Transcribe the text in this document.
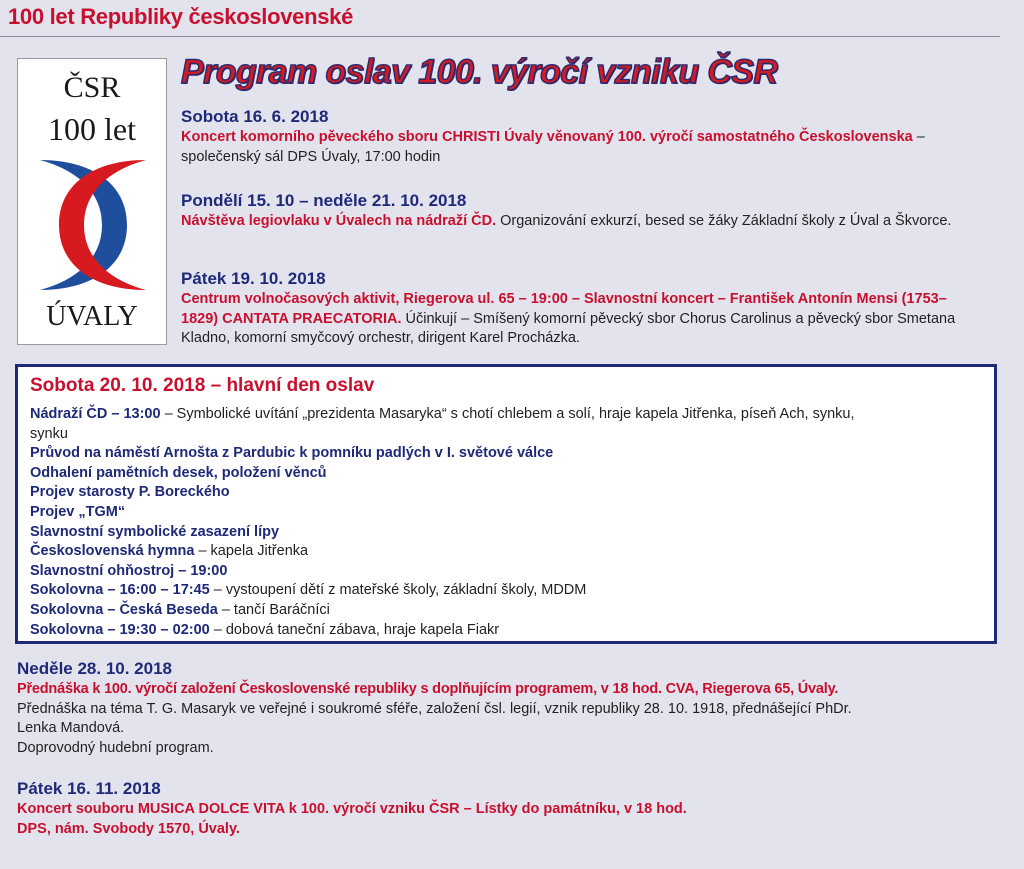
100 let Republiky československé
ČSR
100 let
ÚVALY
Program oslav 100. výročí vzniku ČSR
Sobota 16. 6. 2018
Koncert komorního pěveckého sboru CHRISTI Úvaly věnovaný 100. výročí samostatného Československa – společenský sál DPS Úvaly, 17:00 hodin
Pondělí 15. 10 – neděle 21. 10. 2018
Návštěva legiovlaku v Úvalech na nádraží ČD. Organizování exkurzí, besed se žáky Základní školy z Úval a Škvorce.
Pátek 19. 10. 2018
Centrum volnočasových aktivit, Riegerova ul. 65 – 19:00 – Slavnostní koncert – František Antonín Mensi (1753–1829) CANTATA PRAECATORIA. Účinkují – Smíšený komorní pěvecký sbor Chorus Carolinus a pěvecký sbor Smetana Kladno, komorní smyčcový orchestr, dirigent Karel Procházka.
Sobota 20. 10. 2018 – hlavní den oslav
Nádraží ČD – 13:00 – Symbolické uvítání „prezidenta Masaryka“ s chotí chlebem a solí, hraje kapela Jitřenka, píseň Ach, synku,
synku
Průvod na náměstí Arnošta z Pardubic k pomníku padlých v I. světové válce
Odhalení pamětních desek, položení věnců
Projev starosty P. Boreckého
Projev „TGM“
Slavnostní symbolické zasazení lípy
Československá hymna – kapela Jitřenka
Slavnostní ohňostroj – 19:00
Sokolovna – 16:00 – 17:45 – vystoupení dětí z mateřské školy, základní školy, MDDM
Sokolovna – Česká Beseda – tančí Baráčníci
Sokolovna – 19:30 – 02:00 – dobová taneční zábava, hraje kapela Fiakr
Neděle 28. 10. 2018
Přednáška k 100. výročí založení Československé republiky s doplňujícím programem, v 18 hod. CVA, Riegerova 65, Úvaly.
Přednáška na téma T. G. Masaryk ve veřejné i soukromé sféře, založení čsl. legií, vznik republiky 28. 10. 1918, přednášející PhDr.
Lenka Mandová.
Doprovodný hudební program.
Pátek 16. 11. 2018
Koncert souboru MUSICA DOLCE VITA k 100. výročí vzniku ČSR – Lístky do památníku, v 18 hod.
DPS, nám. Svobody 1570, Úvaly.
